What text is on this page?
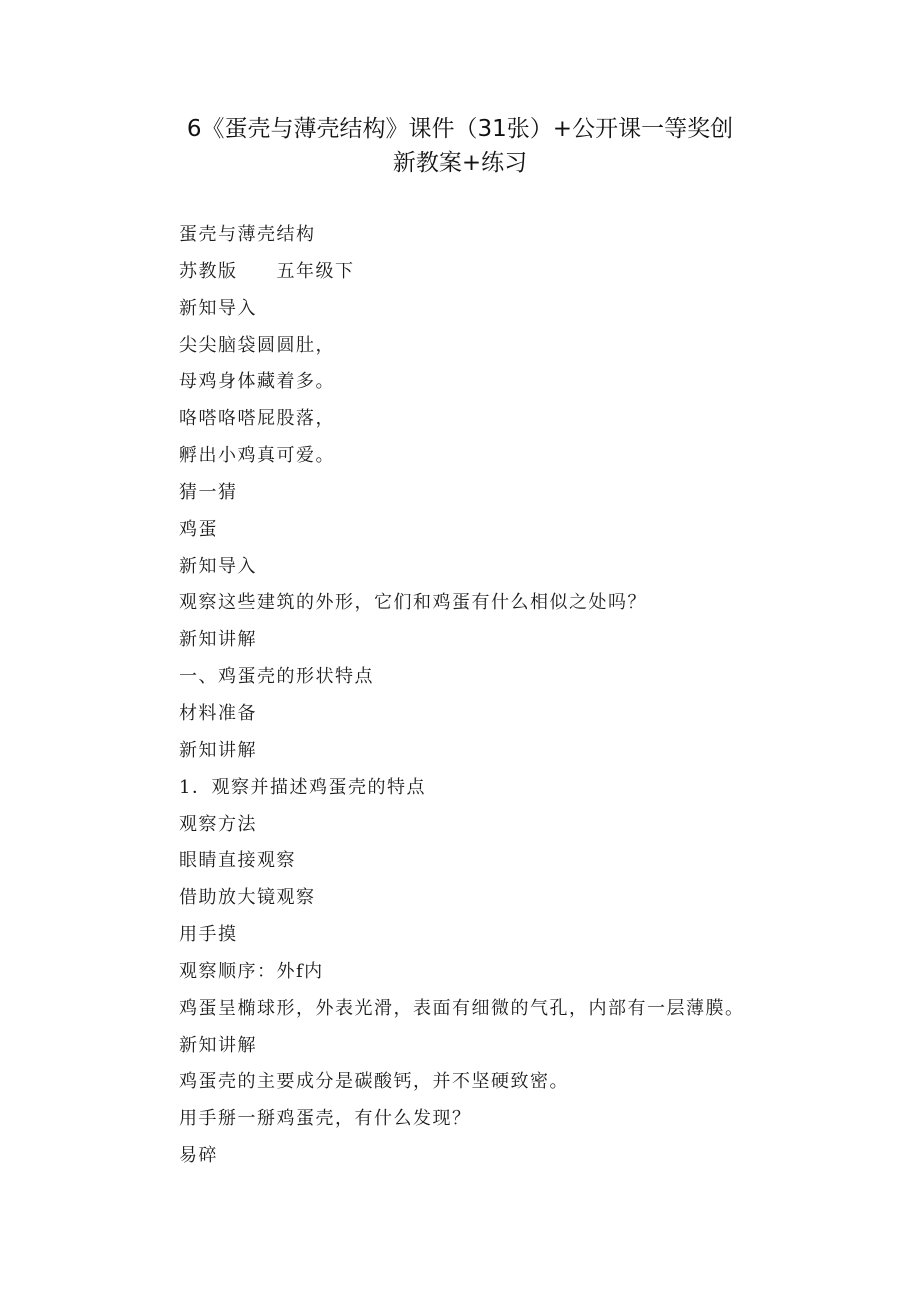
6《蛋壳与薄壳结构》课件（31张）+公开课一等奖创
新教案+练习
蛋壳与薄壳结构
苏教版　　五年级下
新知导入
尖尖脑袋圆圆肚，
母鸡身体藏着多。
咯嗒咯嗒屁股落，
孵出小鸡真可爱。
猜一猜
鸡蛋
新知导入
观察这些建筑的外形，它们和鸡蛋有什么相似之处吗？
新知讲解
一、鸡蛋壳的形状特点
材料准备
新知讲解
1．观察并描述鸡蛋壳的特点
观察方法
眼睛直接观察
借助放大镜观察
用手摸
观察顺序：外f内
鸡蛋呈椭球形，外表光滑，表面有细微的气孔，内部有一层薄膜。
新知讲解
鸡蛋壳的主要成分是碳酸钙，并不坚硬致密。
用手掰一掰鸡蛋壳，有什么发现？
易碎
